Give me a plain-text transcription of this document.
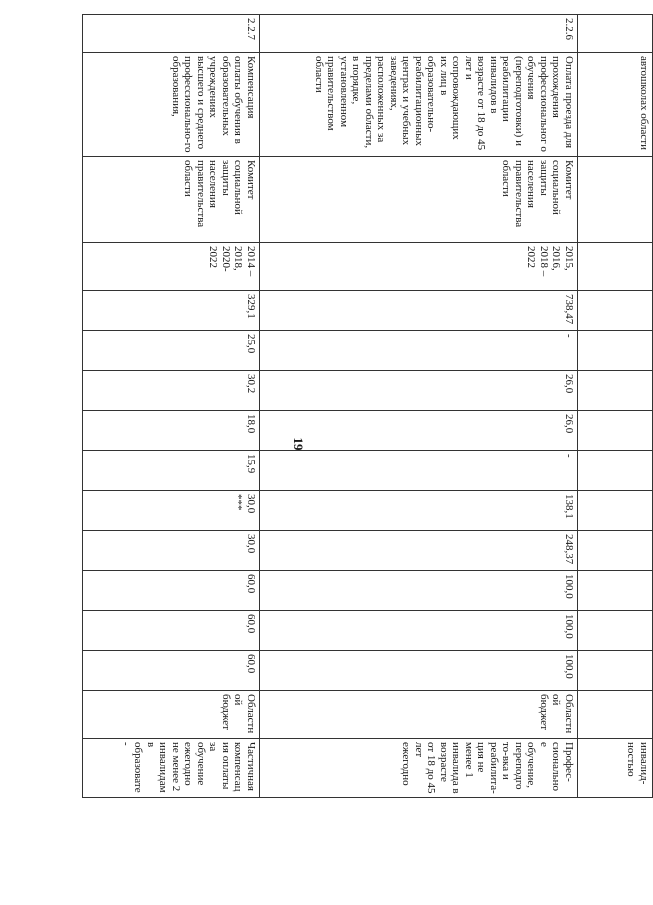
19
	автошколах области														инвалид-ностью
2.2.6	Оплата проезда для прохождения профессиональног о обучения (переподготовки) и реабилитации инвалидов в возрасте от 18 до 45 лет и сопровождающих их лиц в образовательно-реабилитационных центрах и учебных заведениях, расположенных за пределами области, в порядке, установленном правительством области	Комитет социальной защиты населения правительства области	2015, 2016, 2018 – 2022	738,47	-	26,0	26,0	-	138,1	248,37	100,0	100,0	100,0	Областной бюджет	Профес-сиональное обучение, переподгото-вка и реабилита-ция не менее 1 инвалида в возрасте от 18 до 45 лет ежегодно
2.2.7	Компенсация оплаты обучения в образовательных учреждениях высшего и среднего профессионально-го образования,	Комитет социальной защиты населения правительства области	2014 – 2018, 2020-2022	329,1	25,0	30,2	18,0	15,9	30,0 ***	30,0	60,0	60,0	60,0	Областной бюджет	Частичная компенсация оплаты за обучение ежегодно не менее 2 инвалидам в образовате-
